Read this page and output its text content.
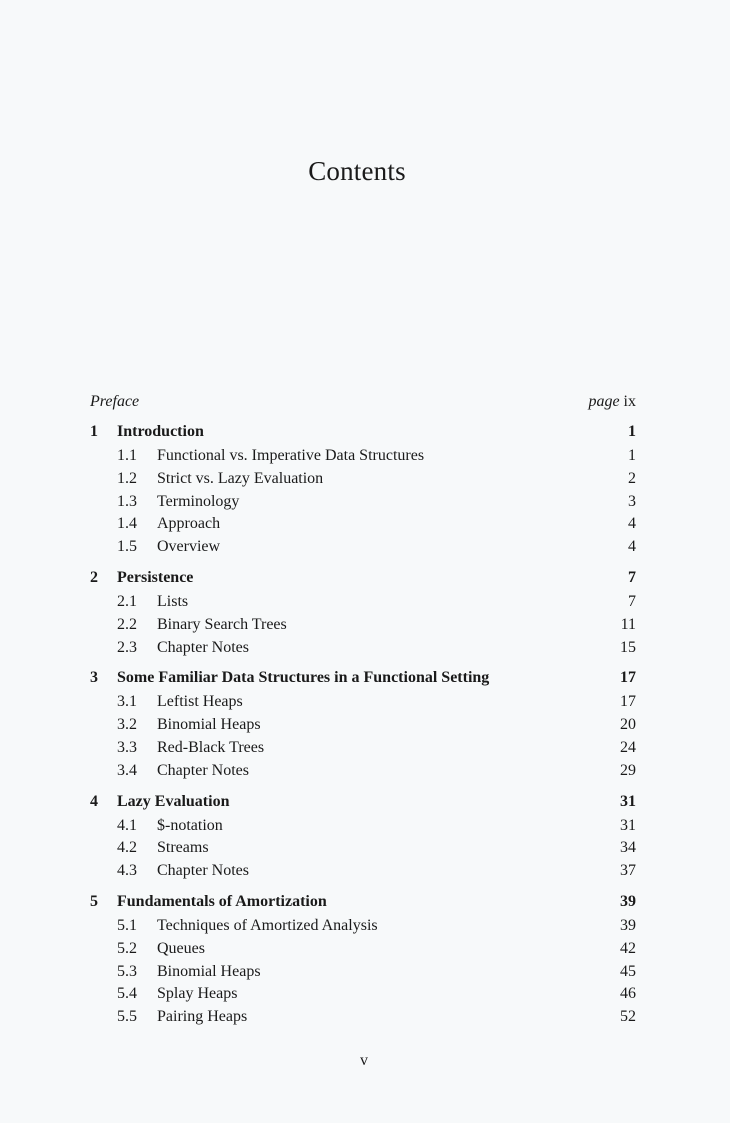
Contents
Preface	page ix
1	Introduction	1
1.1	Functional vs. Imperative Data Structures	1
1.2	Strict vs. Lazy Evaluation	2
1.3	Terminology	3
1.4	Approach	4
1.5	Overview	4
2	Persistence	7
2.1	Lists	7
2.2	Binary Search Trees	11
2.3	Chapter Notes	15
3	Some Familiar Data Structures in a Functional Setting	17
3.1	Leftist Heaps	17
3.2	Binomial Heaps	20
3.3	Red-Black Trees	24
3.4	Chapter Notes	29
4	Lazy Evaluation	31
4.1	$-notation	31
4.2	Streams	34
4.3	Chapter Notes	37
5	Fundamentals of Amortization	39
5.1	Techniques of Amortized Analysis	39
5.2	Queues	42
5.3	Binomial Heaps	45
5.4	Splay Heaps	46
5.5	Pairing Heaps	52
v
